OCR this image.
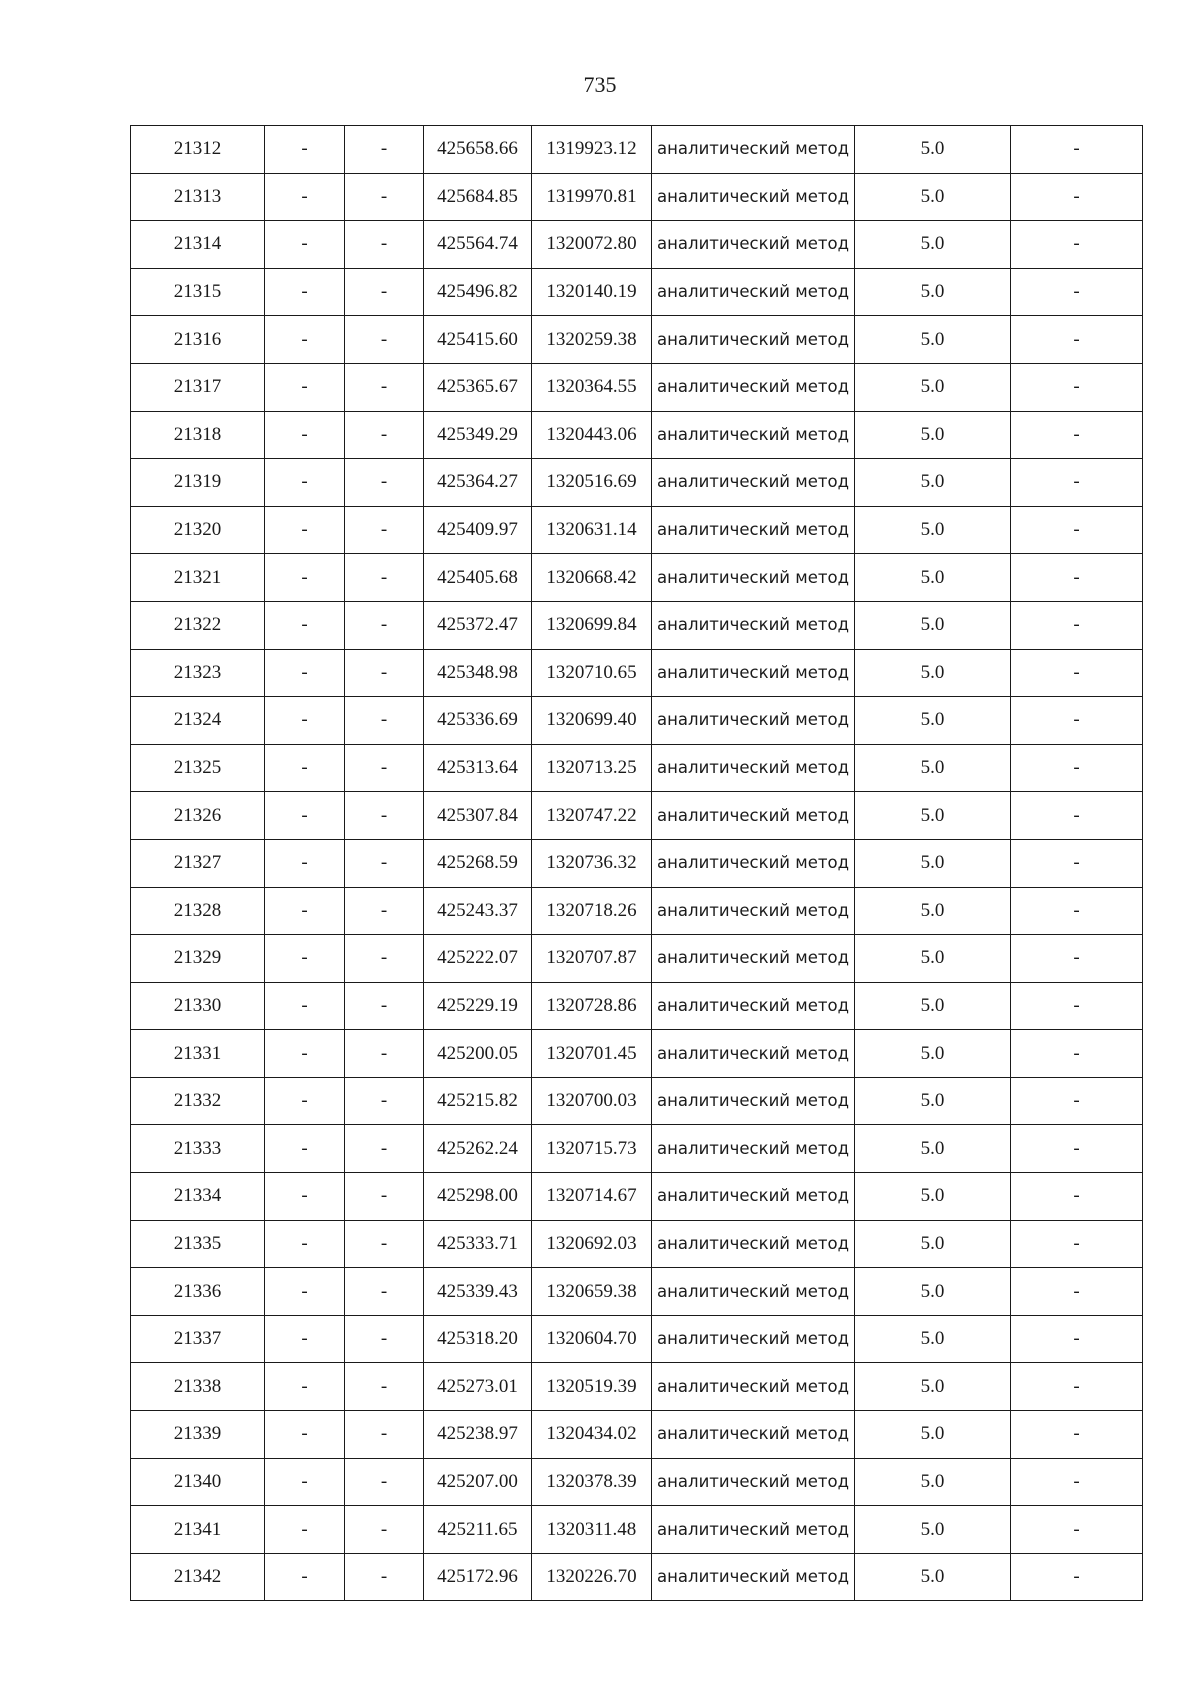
735
21312	-	-	425658.66	1319923.12	аналитический метод	5.0	-
21313	-	-	425684.85	1319970.81	аналитический метод	5.0	-
21314	-	-	425564.74	1320072.80	аналитический метод	5.0	-
21315	-	-	425496.82	1320140.19	аналитический метод	5.0	-
21316	-	-	425415.60	1320259.38	аналитический метод	5.0	-
21317	-	-	425365.67	1320364.55	аналитический метод	5.0	-
21318	-	-	425349.29	1320443.06	аналитический метод	5.0	-
21319	-	-	425364.27	1320516.69	аналитический метод	5.0	-
21320	-	-	425409.97	1320631.14	аналитический метод	5.0	-
21321	-	-	425405.68	1320668.42	аналитический метод	5.0	-
21322	-	-	425372.47	1320699.84	аналитический метод	5.0	-
21323	-	-	425348.98	1320710.65	аналитический метод	5.0	-
21324	-	-	425336.69	1320699.40	аналитический метод	5.0	-
21325	-	-	425313.64	1320713.25	аналитический метод	5.0	-
21326	-	-	425307.84	1320747.22	аналитический метод	5.0	-
21327	-	-	425268.59	1320736.32	аналитический метод	5.0	-
21328	-	-	425243.37	1320718.26	аналитический метод	5.0	-
21329	-	-	425222.07	1320707.87	аналитический метод	5.0	-
21330	-	-	425229.19	1320728.86	аналитический метод	5.0	-
21331	-	-	425200.05	1320701.45	аналитический метод	5.0	-
21332	-	-	425215.82	1320700.03	аналитический метод	5.0	-
21333	-	-	425262.24	1320715.73	аналитический метод	5.0	-
21334	-	-	425298.00	1320714.67	аналитический метод	5.0	-
21335	-	-	425333.71	1320692.03	аналитический метод	5.0	-
21336	-	-	425339.43	1320659.38	аналитический метод	5.0	-
21337	-	-	425318.20	1320604.70	аналитический метод	5.0	-
21338	-	-	425273.01	1320519.39	аналитический метод	5.0	-
21339	-	-	425238.97	1320434.02	аналитический метод	5.0	-
21340	-	-	425207.00	1320378.39	аналитический метод	5.0	-
21341	-	-	425211.65	1320311.48	аналитический метод	5.0	-
21342	-	-	425172.96	1320226.70	аналитический метод	5.0	-
